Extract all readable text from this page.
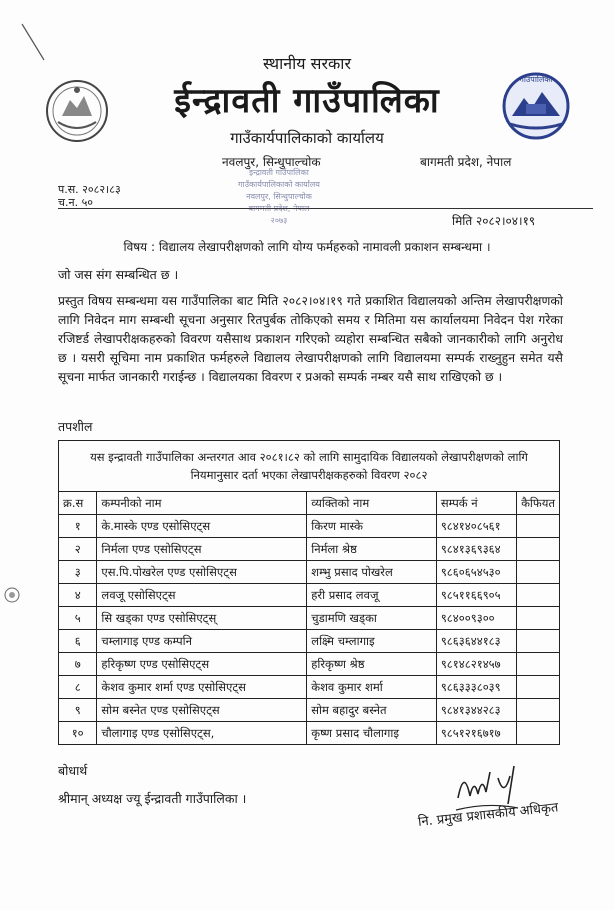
गाउँपालिका
स्थानीय सरकार
ईन्द्रावती गाउँपालिका
गाउँकार्यपालिकाको कार्यालय
नवलपुर, सिन्धुपाल्चोक	बागमती प्रदेश, नेपाल
इन्द्रावती गाउँपालिका
गाउँकार्यपालिकाको कार्यालय
नवलपुर, सिन्धुपाल्चोक
बागमती प्रदेश, नेपाल
२०७३
प.स. २०८२।८३
च.न. ५०
मिति २०८२।०४।१९
विषय : विद्यालय लेखापरीक्षणको लागि योग्य फर्महरुको नामावली प्रकाशन सम्बन्धमा ।
जो जस संग सम्बन्धित छ ।
प्रस्तुत विषय सम्बन्धमा यस गाउँपालिका बाट मिति २०८२।०४।१९ गते प्रकाशित विद्यालयको अन्तिम लेखापरीक्षणको लागि निवेदन माग सम्बन्धी सूचना अनुसार रितपुर्बक तोकिएको समय र मितिमा यस कार्यालयमा निवेदन पेश गरेका रजिष्टर्ड लेखापरीक्षकहरुको विवरण यसैसाथ प्रकाशन गरिएको व्यहोरा सम्बन्धित सबैको जानकारीको लागि अनुरोध छ । यसरी सूचिमा नाम प्रकाशित फर्महरुले विद्यालय लेखापरीक्षणको लागि विद्यालयमा सम्पर्क राख्नुहुन समेत यसै सूचना मार्फत जानकारी गराईन्छ । विद्यालयका विवरण र प्रअको सम्पर्क नम्बर यसै साथ राखिएको छ ।
तपशील
यस इन्द्रावती गाउँपालिका अन्तरगत आव २०८१।८२ को लागि सामुदायिक विद्यालयको लेखापरीक्षणको लागि नियमानुसार दर्ता भएका लेखापरीक्षकहरुको विवरण २०८२				
क्र.स	कम्पनीको नाम	व्यक्तिको नाम	सम्पर्क नं	कैफियत
१	के.मास्के एण्ड एसोसिएट्स	किरण मास्के	९८४१४०८५६१	
२	निर्मला एण्ड एसोसिएट्स	निर्मला श्रेष्ठ	९८४१३६९३६४	
३	एस.पि.पोखरेल एण्ड एसोसिएट्स	शम्भु प्रसाद पोखरेल	९८६०६५४५३०	
४	लवजू एसोसिएट्स	हरी प्रसाद लवजू	९८५११६६९०५	
५	सि खड्का एण्ड एसोसिएट्स्	चुडामणि खड्का	९८४००९३००	
६	चम्लागाइ एण्ड कम्पनि	लक्ष्मि चम्लागाइ	९८६३६४४१८३	
७	हरिकृष्ण एण्ड एसोसिएट्स	हरिकृष्ण श्रेष्ठ	९८१४८२१४५७	
८	केशव कुमार शर्मा एण्ड एसोसिएट्स	केशव कुमार शर्मा	९८६३३३८०३९	
९	सोम बस्नेत एण्ड एसोसिएट्स	सोम बहादुर बस्नेत	९८४१३४४२८३	
१०	चौलागाइ एण्ड एसोसिएट्स,	कृष्ण प्रसाद चौलागाइ	९८५१२१६७१७	
बोधार्थ
श्रीमान् अध्यक्ष ज्यू ईन्द्रावती गाउँपालिका ।
नि. प्रमुख प्रशासकीय अधिकृत
